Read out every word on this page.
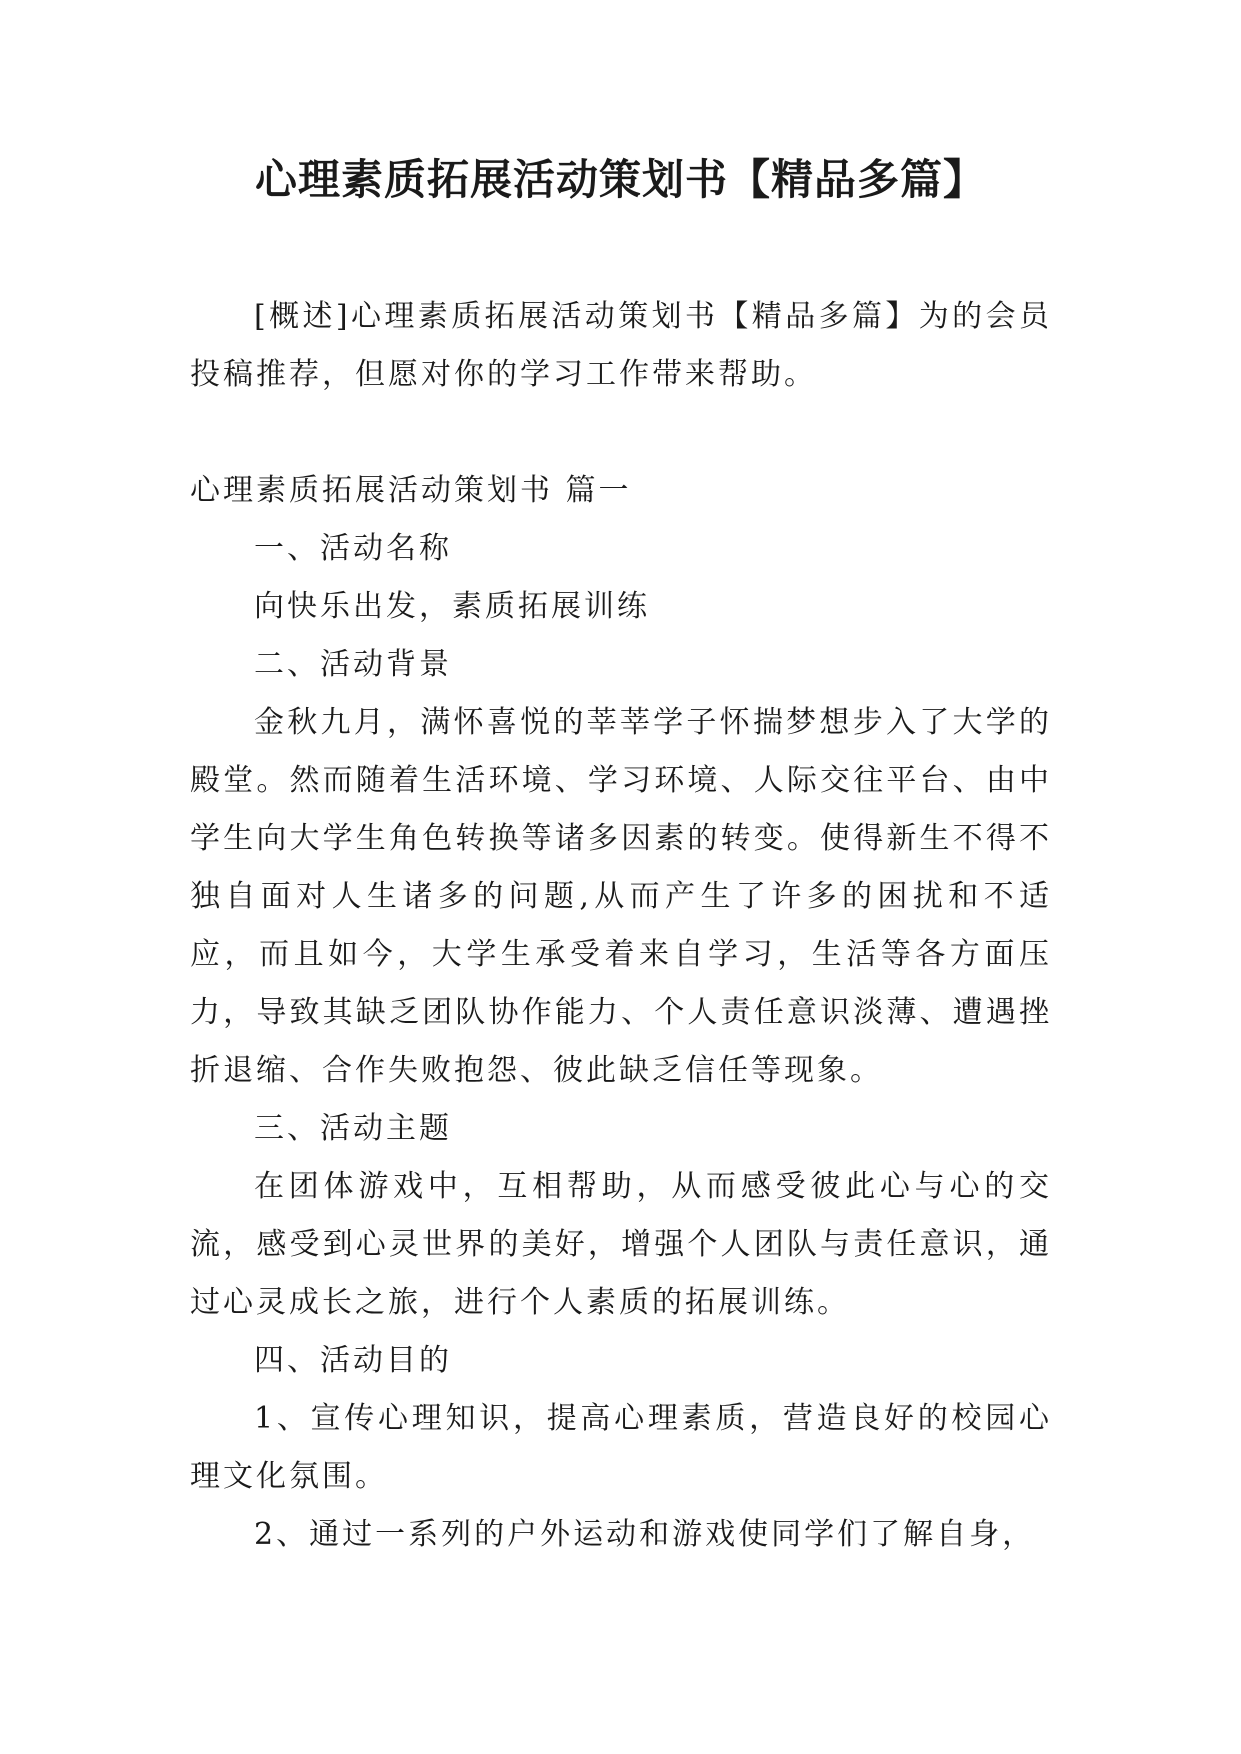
心理素质拓展活动策划书【精品多篇】

[概述]心理素质拓展活动策划书【精品多篇】为的会员投稿推荐，但愿对你的学习工作带来帮助。

心理素质拓展活动策划书 篇一

一、活动名称

向快乐出发，素质拓展训练

二、活动背景

金秋九月，满怀喜悦的莘莘学子怀揣梦想步入了大学的殿堂。然而随着生活环境、学习环境、人际交往平台、由中学生向大学生角色转换等诸多因素的转变。使得新生不得不独自面对人生诸多的问题,从而产生了许多的困扰和不适应，而且如今，大学生承受着来自学习，生活等各方面压力，导致其缺乏团队协作能力、个人责任意识淡薄、遭遇挫折退缩、合作失败抱怨、彼此缺乏信任等现象。

三、活动主题

在团体游戏中，互相帮助，从而感受彼此心与心的交流，感受到心灵世界的美好，增强个人团队与责任意识，通过心灵成长之旅，进行个人素质的拓展训练。

四、活动目的

1、宣传心理知识，提高心理素质，营造良好的校园心理文化氛围。

2、通过一系列的户外运动和游戏使同学们了解自身，
